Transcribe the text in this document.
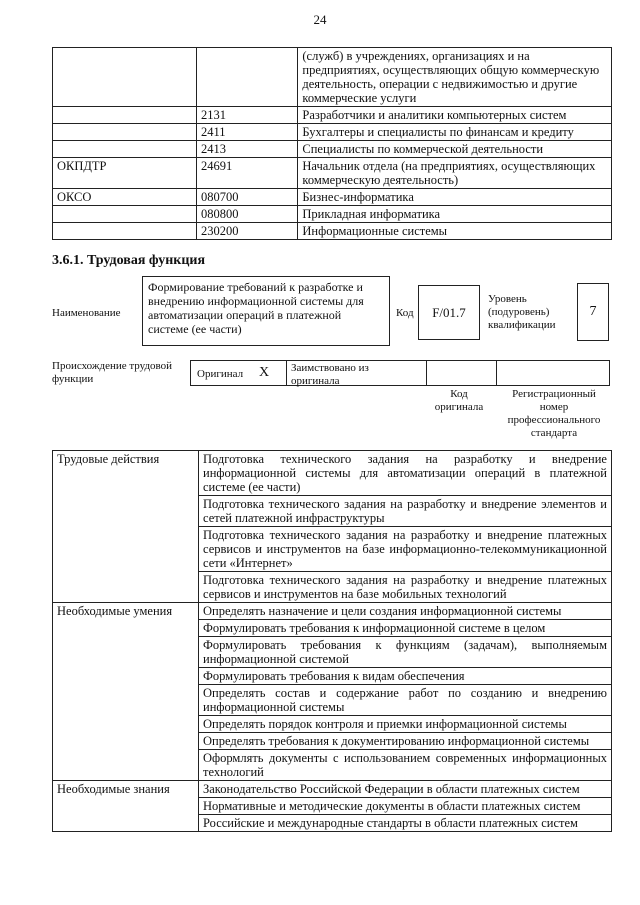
24
		(служб) в учреждениях, организациях и на предприятиях, осуществляющих общую коммерческую деятельность, операции с недвижимостью и другие коммерческие услуги
	2131	Разработчики и аналитики компьютерных систем
	2411	Бухгалтеры и специалисты по финансам и кредиту
	2413	Специалисты по коммерческой деятельности
ОКПДТР	24691	Начальник отдела (на предприятиях, осуществляющих коммерческую деятельность)
ОКСО	080700	Бизнес-информатика
	080800	Прикладная информатика
	230200	Информационные системы
3.6.1. Трудовая функция
Наименование
Формирование требований к разработке и внедрению информационной системы для автоматизации операций в платежной системе (ее части)
Код	F/01.7
Уровень (подуровень) квалификации
7
Происхождение трудовой функции	Оригинал X Заимствовано из оригинала
Код оригинала
Регистрационный номер профессионального стандарта
Трудовые действия	Подготовка технического задания на разработку и внедрение информационной системы для автоматизации операций в платежной системе (ее части)
	Подготовка технического задания на разработку и внедрение элементов и сетей платежной инфраструктуры
	Подготовка технического задания на разработку и внедрение платежных сервисов и инструментов на базе информационно-телекоммуникационной сети «Интернет»
	Подготовка технического задания на разработку и внедрение платежных сервисов и инструментов на базе мобильных технологий
Необходимые умения	Определять назначение и цели создания информационной системы
	Формулировать требования к информационной системе в целом
	Формулировать требования к функциям (задачам), выполняемым информационной системой
	Формулировать требования к видам обеспечения
	Определять состав и содержание работ по созданию и внедрению информационной системы
	Определять порядок контроля и приемки информационной системы
	Определять требования к документированию информационной системы
	Оформлять документы с использованием современных информационных технологий
Необходимые знания	Законодательство Российской Федерации в области платежных систем
	Нормативные и методические документы в области платежных систем
	Российские и международные стандарты в области платежных систем
